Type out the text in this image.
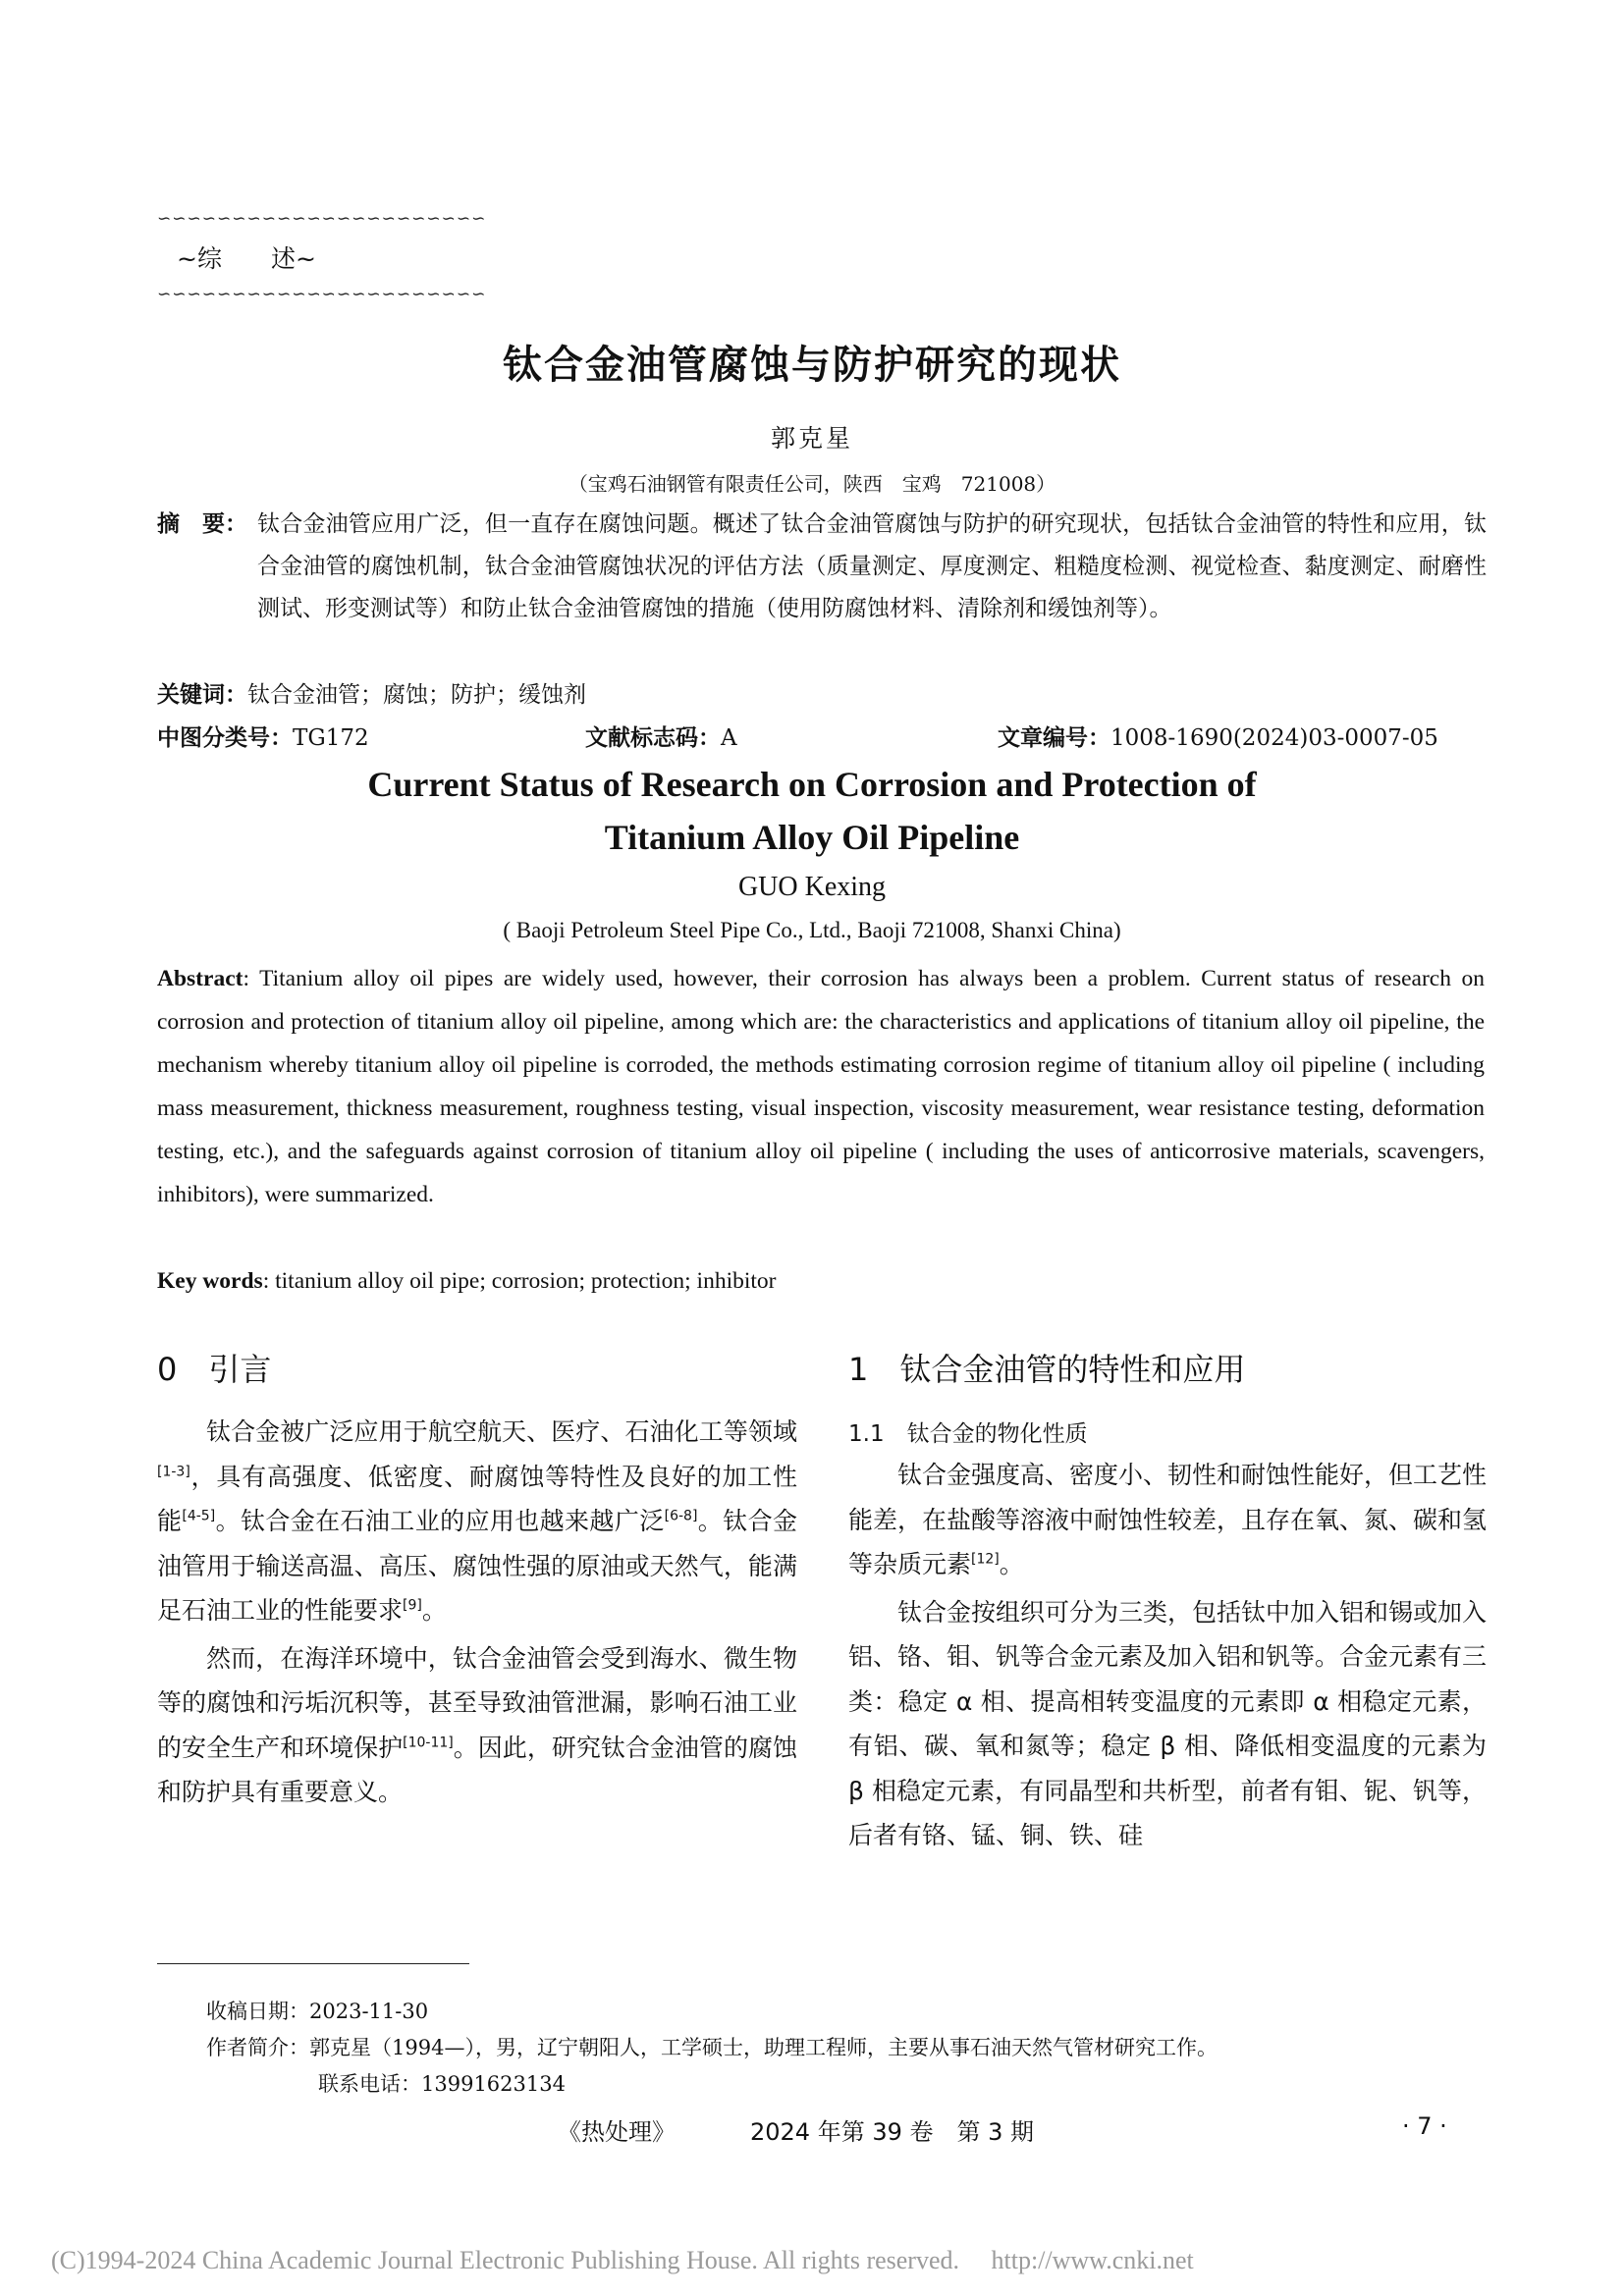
∽∽∽∽∽∽∽∽∽∽∽∽∽∽∽∽∽∽∽∽∽∽
~综　　述~
∽∽∽∽∽∽∽∽∽∽∽∽∽∽∽∽∽∽∽∽∽∽
钛合金油管腐蚀与防护研究的现状
郭克星
（宝鸡石油钢管有限责任公司，陕西　宝鸡　721008）
摘　要： 钛合金油管应用广泛，但一直存在腐蚀问题。概述了钛合金油管腐蚀与防护的研究现状，包括钛合金油管的特性和应用，钛合金油管的腐蚀机制，钛合金油管腐蚀状况的评估方法（质量测定、厚度测定、粗糙度检测、视觉检查、黏度测定、耐磨性测试、形变测试等）和防止钛合金油管腐蚀的措施（使用防腐蚀材料、清除剂和缓蚀剂等）。
关键词：钛合金油管；腐蚀；防护；缓蚀剂
中图分类号：TG172	文献标志码：A	文章编号：1008-1690(2024)03-0007-05
Current Status of Research on Corrosion and Protection of
Titanium Alloy Oil Pipeline
GUO Kexing
( Baoji Petroleum Steel Pipe Co., Ltd., Baoji 721008, Shanxi China)
Abstract: Titanium alloy oil pipes are widely used, however, their corrosion has always been a problem. Current status of research on corrosion and protection of titanium alloy oil pipeline, among which are: the characteristics and applications of titanium alloy oil pipeline, the mechanism whereby titanium alloy oil pipeline is corroded, the methods estimating corrosion regime of titanium alloy oil pipeline ( including mass measurement, thickness measurement, roughness testing, visual inspection, viscosity measurement, wear resistance testing, deformation testing, etc.), and the safeguards against corrosion of titanium alloy oil pipeline ( including the uses of anticorrosive materials, scavengers, inhibitors), were summarized.
Key words: titanium alloy oil pipe; corrosion; protection; inhibitor
0　引言

钛合金被广泛应用于航空航天、医疗、石油化工等领域[1-3]，具有高强度、低密度、耐腐蚀等特性及良好的加工性能[4-5]。钛合金在石油工业的应用也越来越广泛[6-8]。钛合金油管用于输送高温、高压、腐蚀性强的原油或天然气，能满足石油工业的性能要求[9]。

然而，在海洋环境中，钛合金油管会受到海水、微生物等的腐蚀和污垢沉积等，甚至导致油管泄漏，影响石油工业的安全生产和环境保护[10-11]。因此，研究钛合金油管的腐蚀和防护具有重要意义。

1　钛合金油管的特性和应用
1.1　钛合金的物化性质

钛合金强度高、密度小、韧性和耐蚀性能好，但工艺性能差，在盐酸等溶液中耐蚀性较差，且存在氧、氮、碳和氢等杂质元素[12]。

钛合金按组织可分为三类，包括钛中加入铝和锡或加入铝、铬、钼、钒等合金元素及加入铝和钒等。合金元素有三类：稳定 α 相、提高相转变温度的元素即 α 相稳定元素，有铝、碳、氧和氮等；稳定 β 相、降低相变温度的元素为 β 相稳定元素，有同晶型和共析型，前者有钼、铌、钒等，后者有铬、锰、铜、铁、硅

收稿日期：2023-11-30
作者简介：郭克星（1994—），男，辽宁朝阳人，工学硕士，助理工程师，主要从事石油天然气管材研究工作。
联系电话：13991623134
《热处理》	2024 年第 39 卷　第 3 期	· 7 ·
(C)1994-2024 China Academic Journal Electronic Publishing House. All rights reserved.　 http://www.cnki.net
